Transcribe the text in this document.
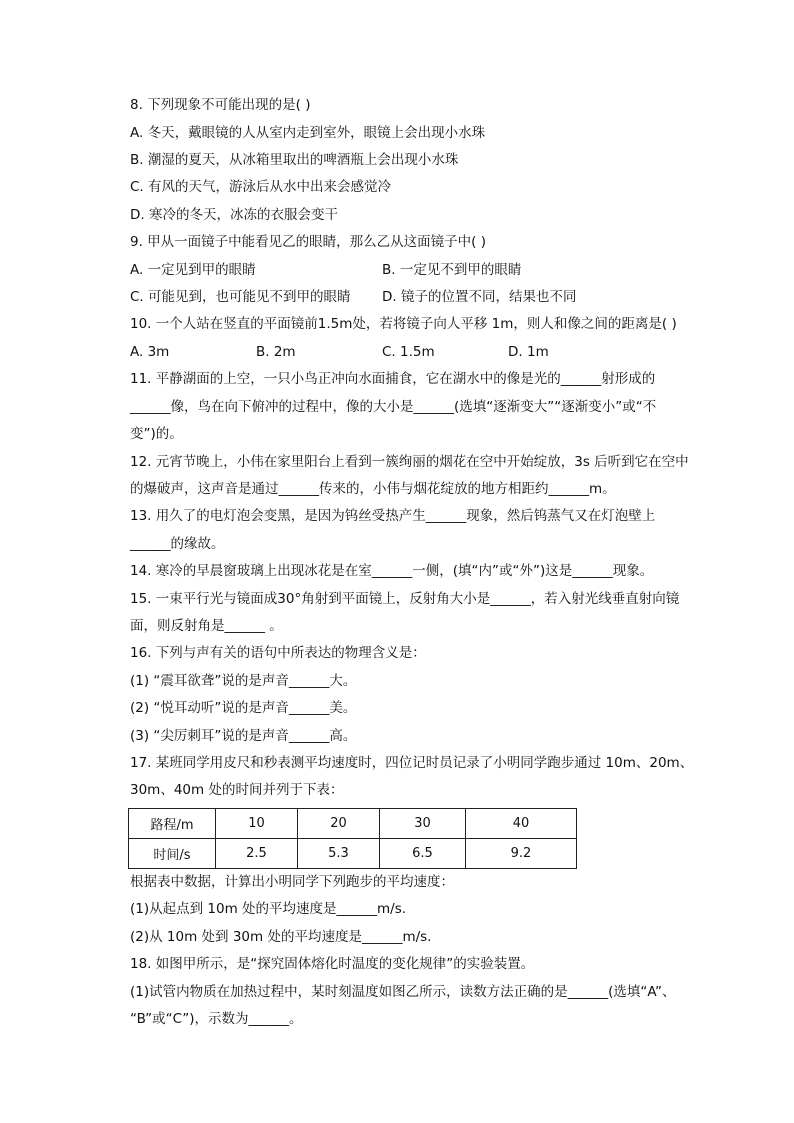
8. 下列现象不可能出现的是( )
A. 冬天，戴眼镜的人从室内走到室外，眼镜上会出现小水珠
B. 潮湿的夏天，从冰箱里取出的啤酒瓶上会出现小水珠
C. 有风的天气，游泳后从水中出来会感觉冷
D. 寒冷的冬天，冰冻的衣服会变干
9. 甲从一面镜子中能看见乙的眼睛，那么乙从这面镜子中( )
A. 一定见到甲的眼睛	B. 一定见不到甲的眼睛
C. 可能见到，也可能见不到甲的眼睛 D. 镜子的位置不同，结果也不同
10. 一个人站在竖直的平面镜前1.5m处，若将镜子向人平移 1m，则人和像之间的距离是( )
A. 3m	B. 2m	C. 1.5m	D. 1m
11. 平静湖面的上空，一只小鸟正冲向水面捕食，它在湖水中的像是光的______射形成的
______像，鸟在向下俯冲的过程中，像的大小是______(选填“逐渐变大”“逐渐变小”或“不
变”)的。
12. 元宵节晚上，小伟在家里阳台上看到一簇绚丽的烟花在空中开始绽放，3s 后听到它在空中
的爆破声，这声音是通过______传来的，小伟与烟花绽放的地方相距约______m。
13. 用久了的电灯泡会变黑，是因为钨丝受热产生______现象，然后钨蒸气又在灯泡壁上
______的缘故。
14. 寒冷的早晨窗玻璃上出现冰花是在室______一侧，(填“内”或“外”)这是______现象。
15. 一束平行光与镜面成30°角射到平面镜上，反射角大小是______，若入射光线垂直射向镜
面，则反射角是______ 。
16. 下列与声有关的语句中所表达的物理含义是：
(1) “震耳欲聋”说的是声音______大。
(2) “悦耳动听”说的是声音______美。
(3) “尖厉刺耳”说的是声音______高。
17. 某班同学用皮尺和秒表测平均速度时，四位记时员记录了小明同学跑步通过 10m、20m、
30m、40m 处的时间并列于下表：
路程/m	10	20	30	40
时间/s	2.5	5.3	6.5	9.2
根据表中数据，计算出小明同学下列跑步的平均速度：
(1)从起点到 10m 处的平均速度是______m/s.
(2)从 10m 处到 30m 处的平均速度是______m/s.
18. 如图甲所示，是“探究固体熔化时温度的变化规律”的实验装置。
(1)试管内物质在加热过程中，某时刻温度如图乙所示，读数方法正确的是______(选填“A”、
“B”或“C”)，示数为______。
